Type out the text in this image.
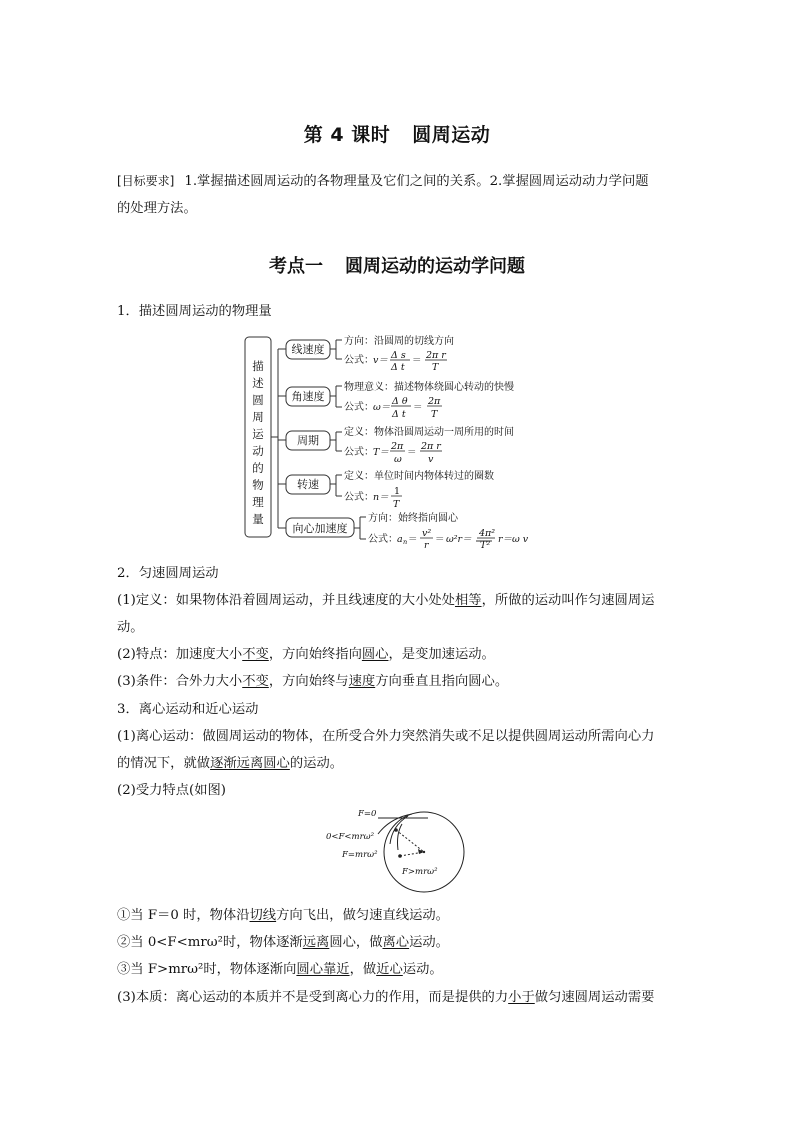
第 4 课时 圆周运动
[目标要求] 1.掌握描述圆周运动的各物理量及它们之间的关系。2.掌握圆周运动动力学问题
的处理方法。
考点一 圆周运动的运动学问题
1．描述圆周运动的物理量
描
述
圆
周
运
动
的
物
理
量
线速度
角速度
周期
转速
向心加速度
方向：沿圆周的切线方向
公式：
物理意义：描述物体绕圆心转动的快慢
公式：
定义：物体沿圆周运动一周所用的时间
公式：
定义：单位时间内物体转过的圈数
公式：
方向：始终指向圆心
公式：
v＝ Δ s
Δ t
＝ 2π r
T
ω＝
Δ θ
Δ t
＝
2π
T
T＝
2π
ω
＝
2π r
v
n＝
1
T
a n ＝
v²
r
＝ ω²r＝
4π²
T²
r＝ω v
2．匀速圆周运动
(1)定义：如果物体沿着圆周运动，并且线速度的大小处处相等，所做的运动叫作匀速圆周运
动。
(2)特点：加速度大小不变，方向始终指向圆心，是变加速运动。
(3)条件：合外力大小不变，方向始终与速度方向垂直且指向圆心。
3．离心运动和近心运动
(1)离心运动：做圆周运动的物体，在所受合外力突然消失或不足以提供圆周运动所需向心力
的情况下，就做逐渐远离圆心的运动。
(2)受力特点(如图)
F=0
0<F<mrω²
F=mrω²
F>mrω²
①当 F＝0 时，物体沿切线方向飞出，做匀速直线运动。
②当 0<F<mrω²时，物体逐渐远离圆心，做离心运动。
③当 F>mrω²时，物体逐渐向圆心靠近，做近心运动。
(3)本质：离心运动的本质并不是受到离心力的作用，而是提供的力小于做匀速圆周运动需要
